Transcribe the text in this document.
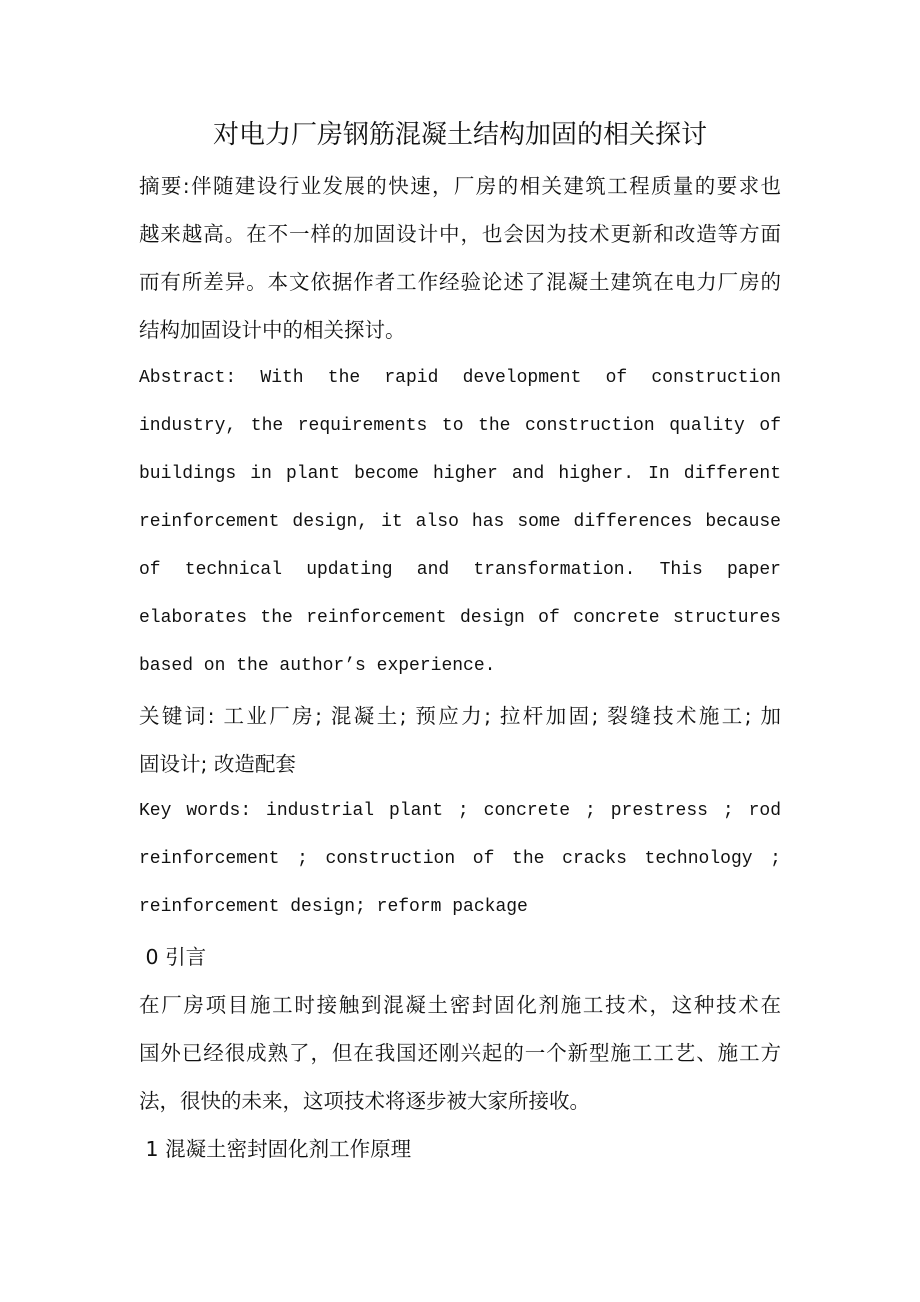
对电力厂房钢筋混凝土结构加固的相关探讨
摘要:伴随建设行业发展的快速，厂房的相关建筑工程质量的要求也
越来越高。在不一样的加固设计中，也会因为技术更新和改造等方面
而有所差异。本文依据作者工作经验论述了混凝土建筑在电力厂房的
结构加固设计中的相关探讨。
Abstract: With the rapid development of construction
industry, the requirements to the construction quality of
buildings in plant become higher and higher. In different
reinforcement design, it also has some differences because
of technical updating and transformation. This paper
elaborates the reinforcement design of concrete structures
based on the author’s experience.
关键词: 工业厂房; 混凝土; 预应力; 拉杆加固; 裂缝技术施工; 加
固设计; 改造配套
Key words: industrial plant ; concrete ; prestress ; rod
reinforcement ; construction of the cracks technology ;
reinforcement design; reform package
0 引言
在厂房项目施工时接触到混凝土密封固化剂施工技术，这种技术在
国外已经很成熟了，但在我国还刚兴起的一个新型施工工艺、施工方
法，很快的未来，这项技术将逐步被大家所接收。
1 混凝土密封固化剂工作原理
